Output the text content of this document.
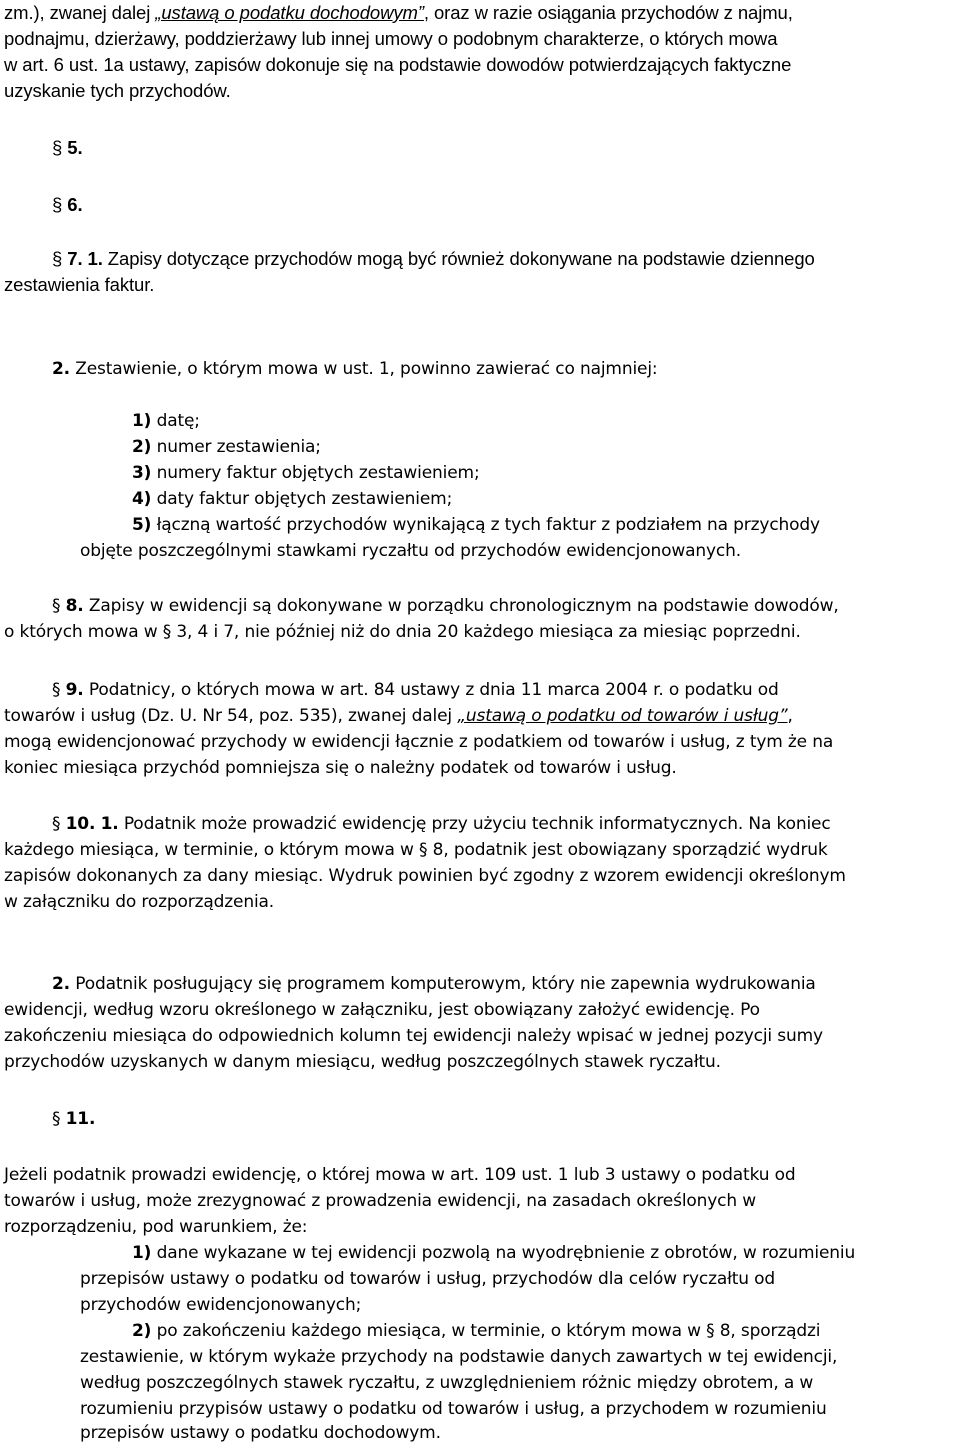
zm.), zwanej dalej „ustawą o podatku dochodowym”, oraz w razie osiągania przychodów z najmu,

podnajmu, dzierżawy, poddzierżawy lub innej umowy o podobnym charakterze, o których mowa

w art. 6 ust. 1a ustawy, zapisów dokonuje się na podstawie dowodów potwierdzających faktyczne

uzyskanie tych przychodów.

§ 5.

§ 6.

§ 7. 1. Zapisy dotyczące przychodów mogą być również dokonywane na podstawie dziennego

zestawienia faktur.

2. Zestawienie, o którym mowa w ust. 1, powinno zawierać co najmniej:

1) datę;

2) numer zestawienia;

3) numery faktur objętych zestawieniem;

4) daty faktur objętych zestawieniem;

5) łączną wartość przychodów wynikającą z tych faktur z podziałem na przychody

objęte poszczególnymi stawkami ryczałtu od przychodów ewidencjonowanych.

§ 8. Zapisy w ewidencji są dokonywane w porządku chronologicznym na podstawie dowodów,

o których mowa w § 3, 4 i 7, nie później niż do dnia 20 każdego miesiąca za miesiąc poprzedni.

§ 9. Podatnicy, o których mowa w art. 84 ustawy z dnia 11 marca 2004 r. o podatku od

towarów i usług (Dz. U. Nr 54, poz. 535), zwanej dalej „ustawą o podatku od towarów i usług”,

mogą ewidencjonować przychody w ewidencji łącznie z podatkiem od towarów i usług, z tym że na

koniec miesiąca przychód pomniejsza się o należny podatek od towarów i usług.

§ 10. 1. Podatnik może prowadzić ewidencję przy użyciu technik informatycznych. Na koniec

każdego miesiąca, w terminie, o którym mowa w § 8, podatnik jest obowiązany sporządzić wydruk

zapisów dokonanych za dany miesiąc. Wydruk powinien być zgodny z wzorem ewidencji określonym

w załączniku do rozporządzenia.

2. Podatnik posługujący się programem komputerowym, który nie zapewnia wydrukowania

ewidencji, według wzoru określonego w załączniku, jest obowiązany założyć ewidencję. Po

zakończeniu miesiąca do odpowiednich kolumn tej ewidencji należy wpisać w jednej pozycji sumy

przychodów uzyskanych w danym miesiącu, według poszczególnych stawek ryczałtu.

§ 11.

Jeżeli podatnik prowadzi ewidencję, o której mowa w art. 109 ust. 1 lub 3 ustawy o podatku od

towarów i usług, może zrezygnować z prowadzenia ewidencji, na zasadach określonych w

rozporządzeniu, pod warunkiem, że:

1) dane wykazane w tej ewidencji pozwolą na wyodrębnienie z obrotów, w rozumieniu

przepisów ustawy o podatku od towarów i usług, przychodów dla celów ryczałtu od

przychodów ewidencjonowanych;

2) po zakończeniu każdego miesiąca, w terminie, o którym mowa w § 8, sporządzi

zestawienie, w którym wykaże przychody na podstawie danych zawartych w tej ewidencji,

według poszczególnych stawek ryczałtu, z uwzględnieniem różnic między obrotem, a w

rozumieniu przypisów ustawy o podatku od towarów i usług, a przychodem w rozumieniu

przepisów ustawy o podatku dochodowym.
